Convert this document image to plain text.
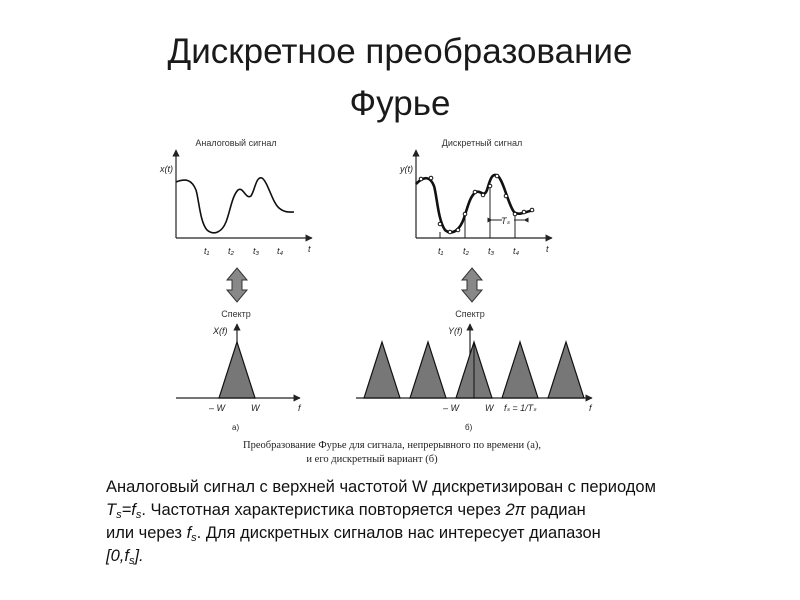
Дискретное преобразование
Фурье
Аналоговый сигнал
x(t)
t₁ t₂ t₃ t₄	t
Спектр
X(f)
– W	W	f
а)
Дискретный сигнал
y(t)
Tₛ
t₁ t₂ t₃ t₄	t
Спектр
Y(f)
– W	W fₛ = 1/Tₛ	f
б)
Преобразование Фурье для сигнала, непрерывного по времени (а),
и его дискретный вариант (б)
Аналоговый сигнал с верхней частотой W дискретизирован с периодом
$T_s=f_s$. Частотная характеристика повторяется через 2π радиан
или через $f_s$. Для дискретных сигналов нас интересует диапазон
$[0,f_s]$.
